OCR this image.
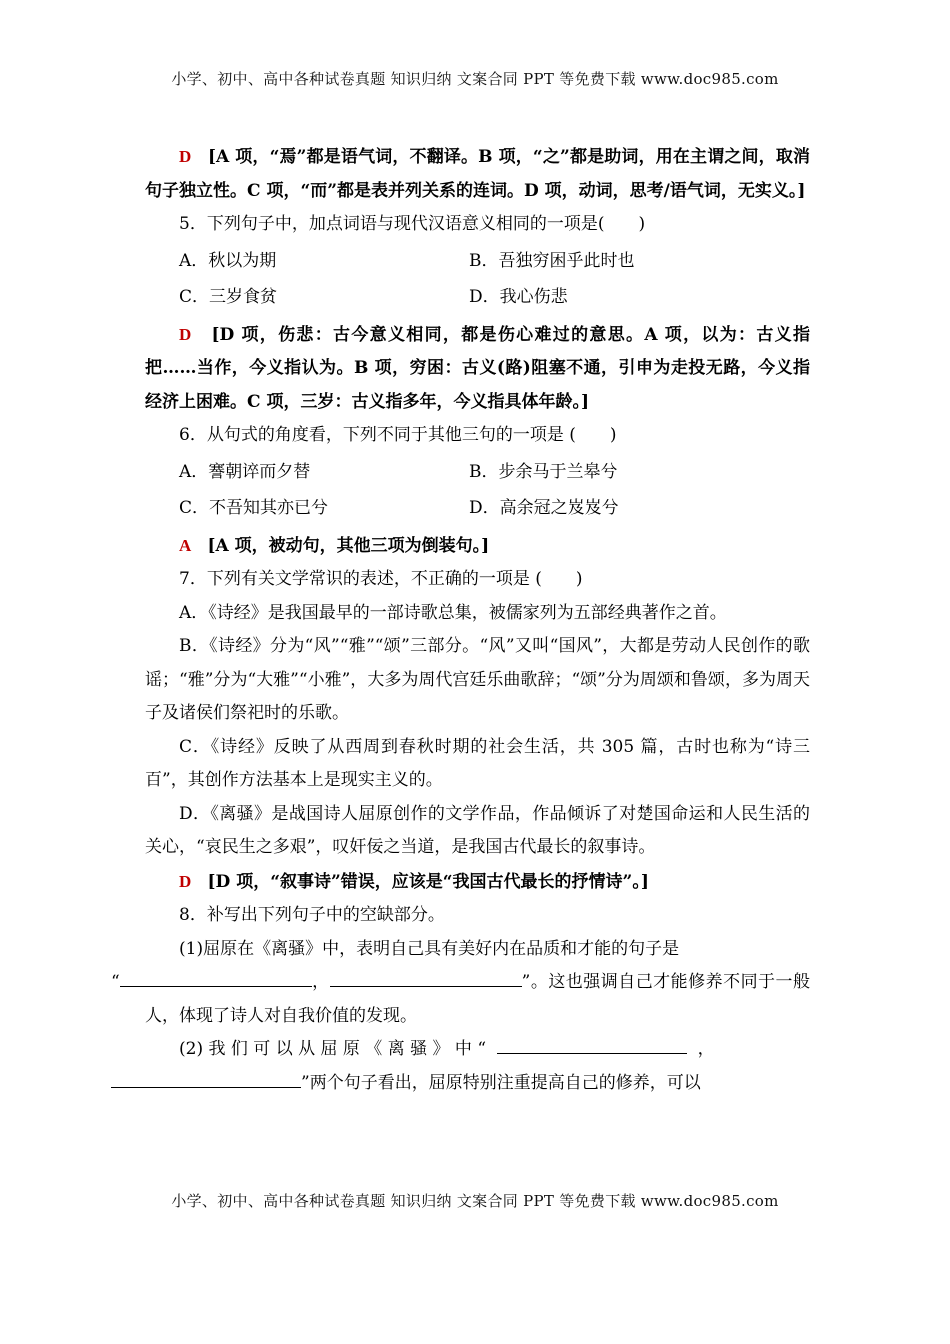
小学、初中、高中各种试卷真题 知识归纳 文案合同 PPT 等免费下载 www.doc985.com

D [A 项，“焉”都是语气词，不翻译。B 项，“之”都是助词，用在主谓之间，取消句子独立性。C 项，“而”都是表并列关系的连词。D 项，动词，思考/语气词，无实义。]

5．下列句子中，加点词语与现代汉语意义相同的一项是(　　)

A．秋以为期	B．吾独穷困乎此时也
C．三岁食贫	D．我心伤悲

D [D 项，伤悲：古今意义相同，都是伤心难过的意思。A 项，以为：古义指把……当作，今义指认为。B 项，穷困：古义(路)阻塞不通，引申为走投无路，今义指经济上困难。C 项，三岁：古义指多年，今义指具体年龄。]

6．从句式的角度看，下列不同于其他三句的一项是 (　　)

A．謇朝谇而夕替	B．步余马于兰皋兮
C．不吾知其亦已兮	D．高余冠之岌岌兮

A [A 项，被动句，其他三项为倒装句。]

7．下列有关文学常识的表述，不正确的一项是 (　　)

A．《诗经》是我国最早的一部诗歌总集，被儒家列为五部经典著作之首。

B．《诗经》分为“风”“雅”“颂”三部分。“风”又叫“国风”，大都是劳动人民创作的歌谣；“雅”分为“大雅”“小雅”，大多为周代宫廷乐曲歌辞；“颂”分为周颂和鲁颂，多为周天子及诸侯们祭祀时的乐歌。

C．《诗经》反映了从西周到春秋时期的社会生活，共 305 篇，古时也称为“诗三百”，其创作方法基本上是现实主义的。

D．《离骚》是战国诗人屈原创作的文学作品，作品倾诉了对楚国命运和人民生活的关心，“哀民生之多艰”，叹奸佞之当道，是我国古代最长的叙事诗。

D [D 项，“叙事诗”错误，应该是“我国古代最长的抒情诗”。]

8．补写出下列句子中的空缺部分。

(1)屈原在《离骚》中，表明自己具有美好内在品质和才能的句子是
“	，	”。这也强调自己才能修养不同于一般人，体现了诗人对自我价值的发现。

(2) 我 们 可 以 从 屈 原 《 离 骚 》 中 “	，
”两个句子看出，屈原特别注重提高自己的修养，可以

小学、初中、高中各种试卷真题 知识归纳 文案合同 PPT 等免费下载 www.doc985.com
